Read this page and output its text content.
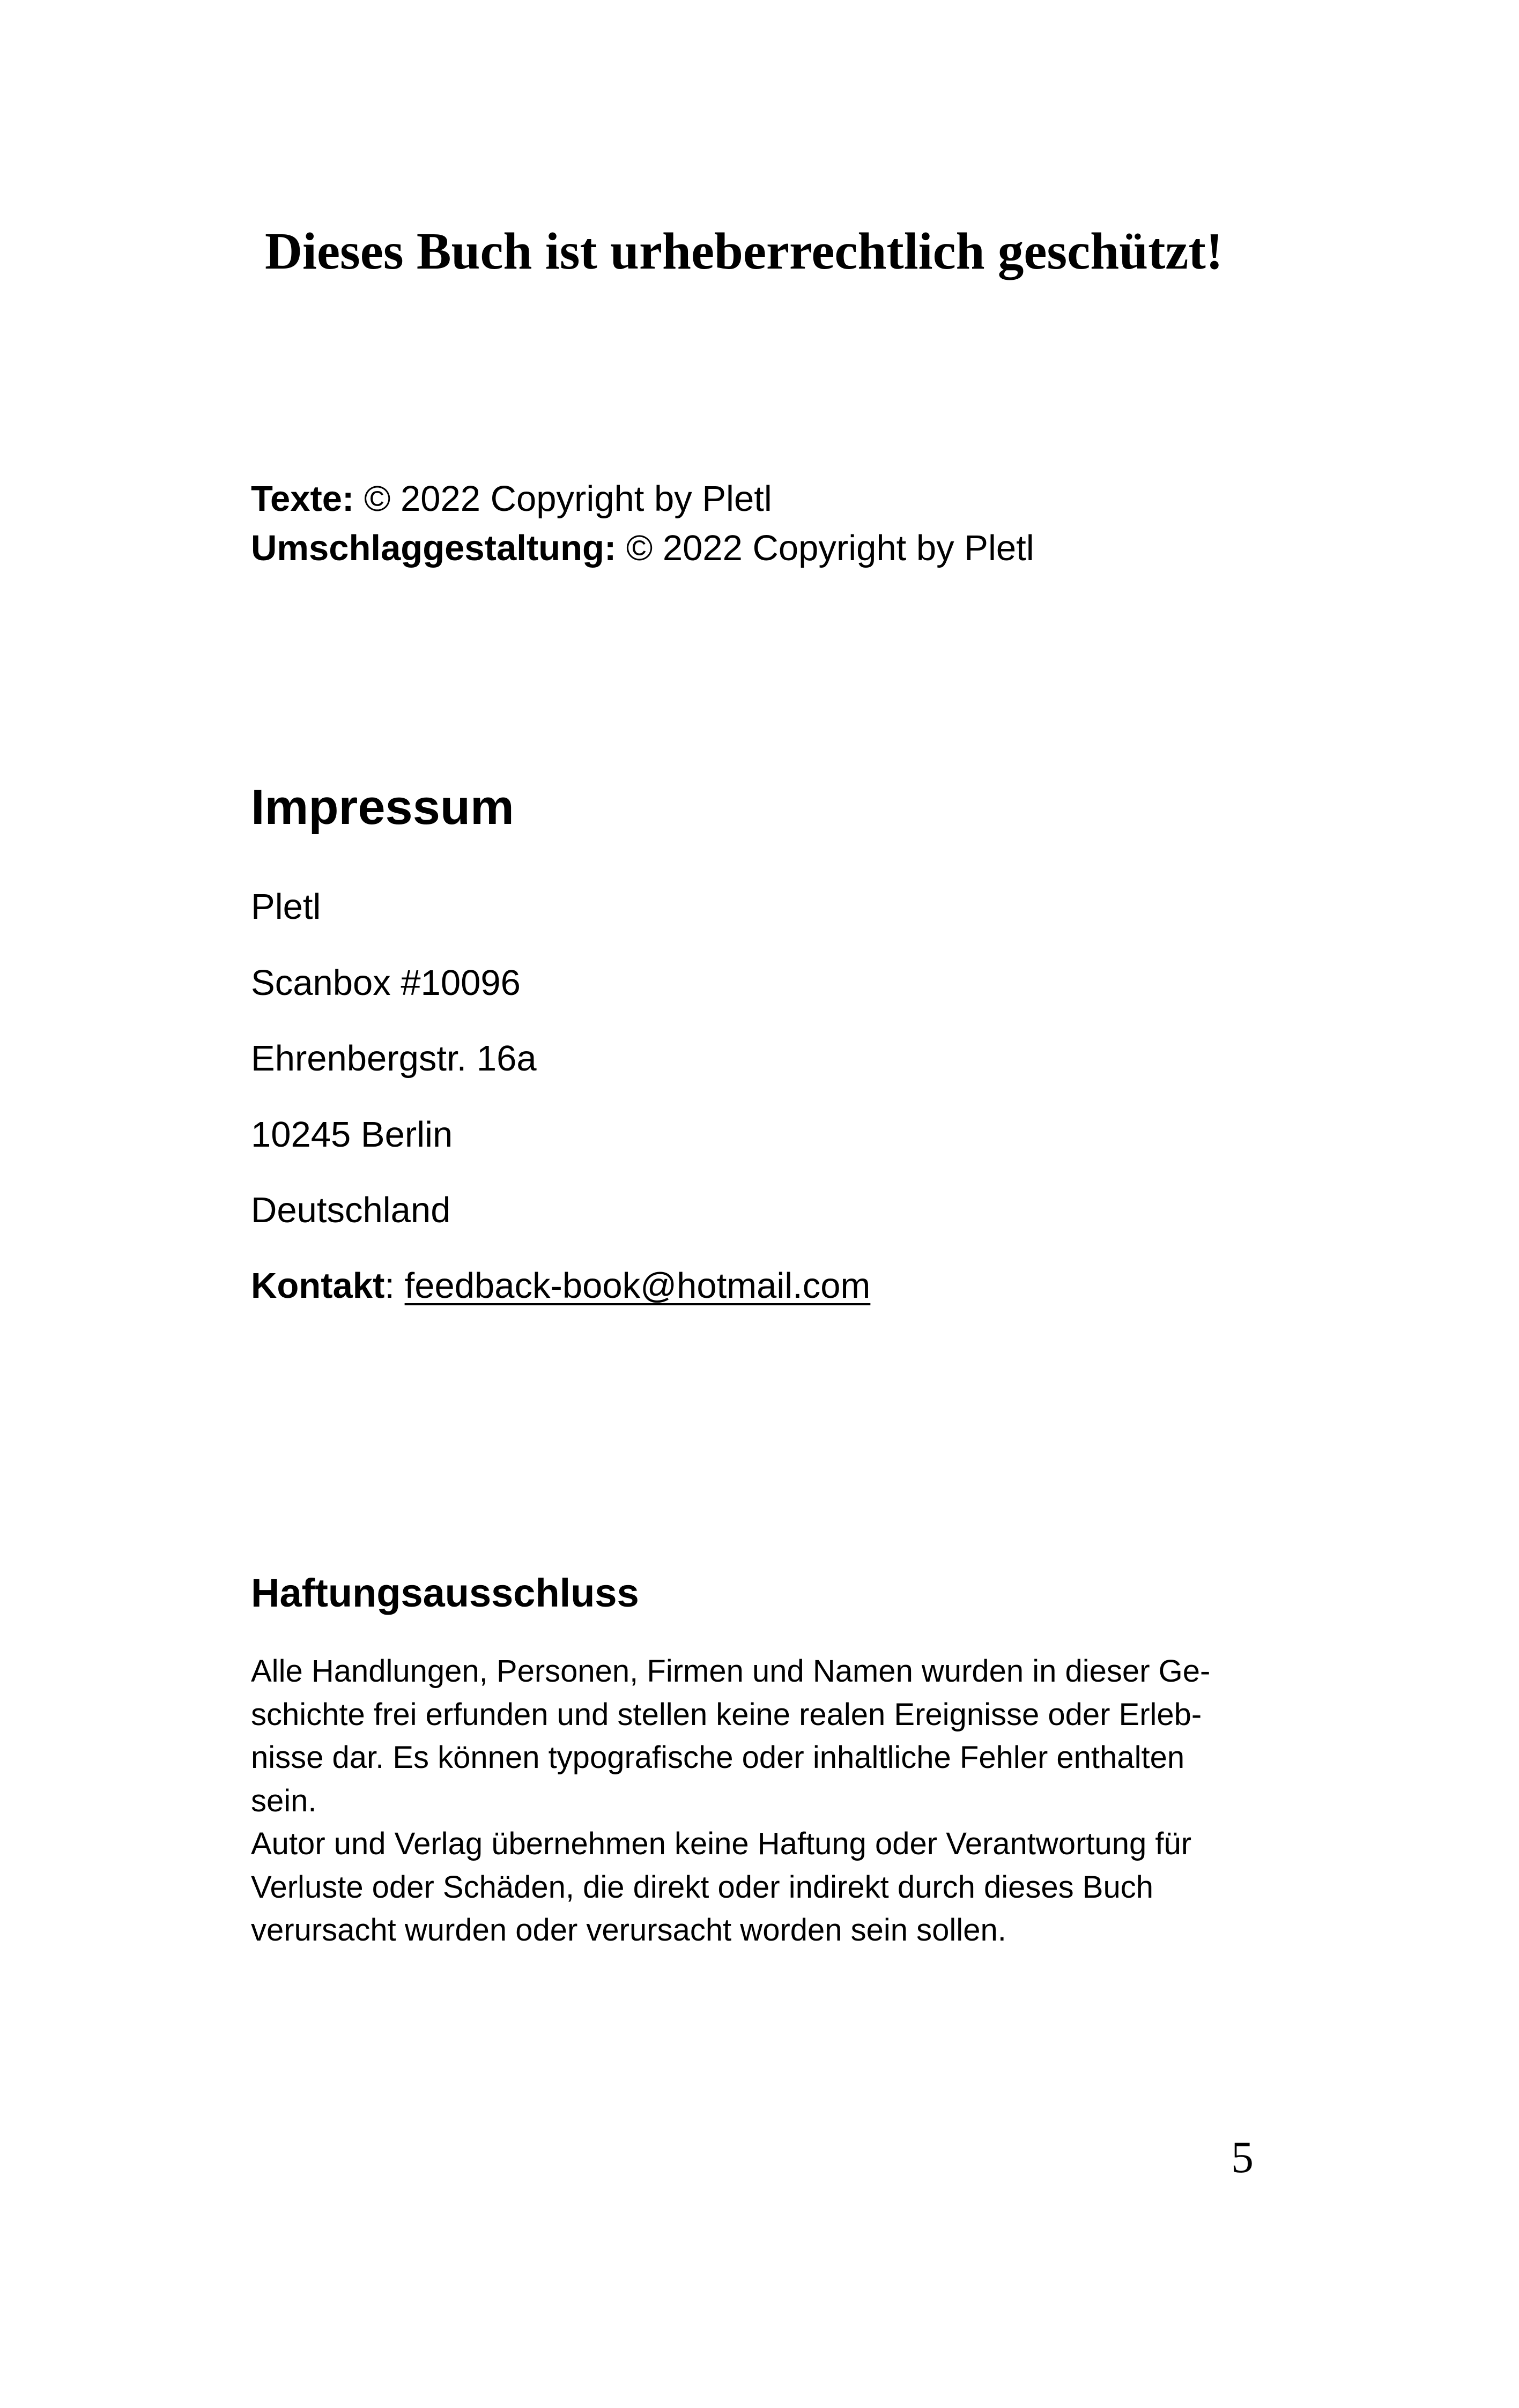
Dieses Buch ist urheberrechtlich geschützt!
Texte: © 2022 Copyright by Pletl
Umschlaggestaltung: © 2022 Copyright by Pletl
Impressum
Pletl
Scanbox #10096
Ehrenbergstr. 16a
10245 Berlin
Deutschland
Kontakt: feedback-book@hotmail.com
Haftungsausschluss
Alle Handlungen, Personen, Firmen und Namen wurden in dieser Ge-
schichte frei erfunden und stellen keine realen Ereignisse oder Erleb-
nisse dar. Es können typografische oder inhaltliche Fehler enthalten
sein.
Autor und Verlag übernehmen keine Haftung oder Verantwortung für
Verluste oder Schäden, die direkt oder indirekt durch dieses Buch
verursacht wurden oder verursacht worden sein sollen.
5
